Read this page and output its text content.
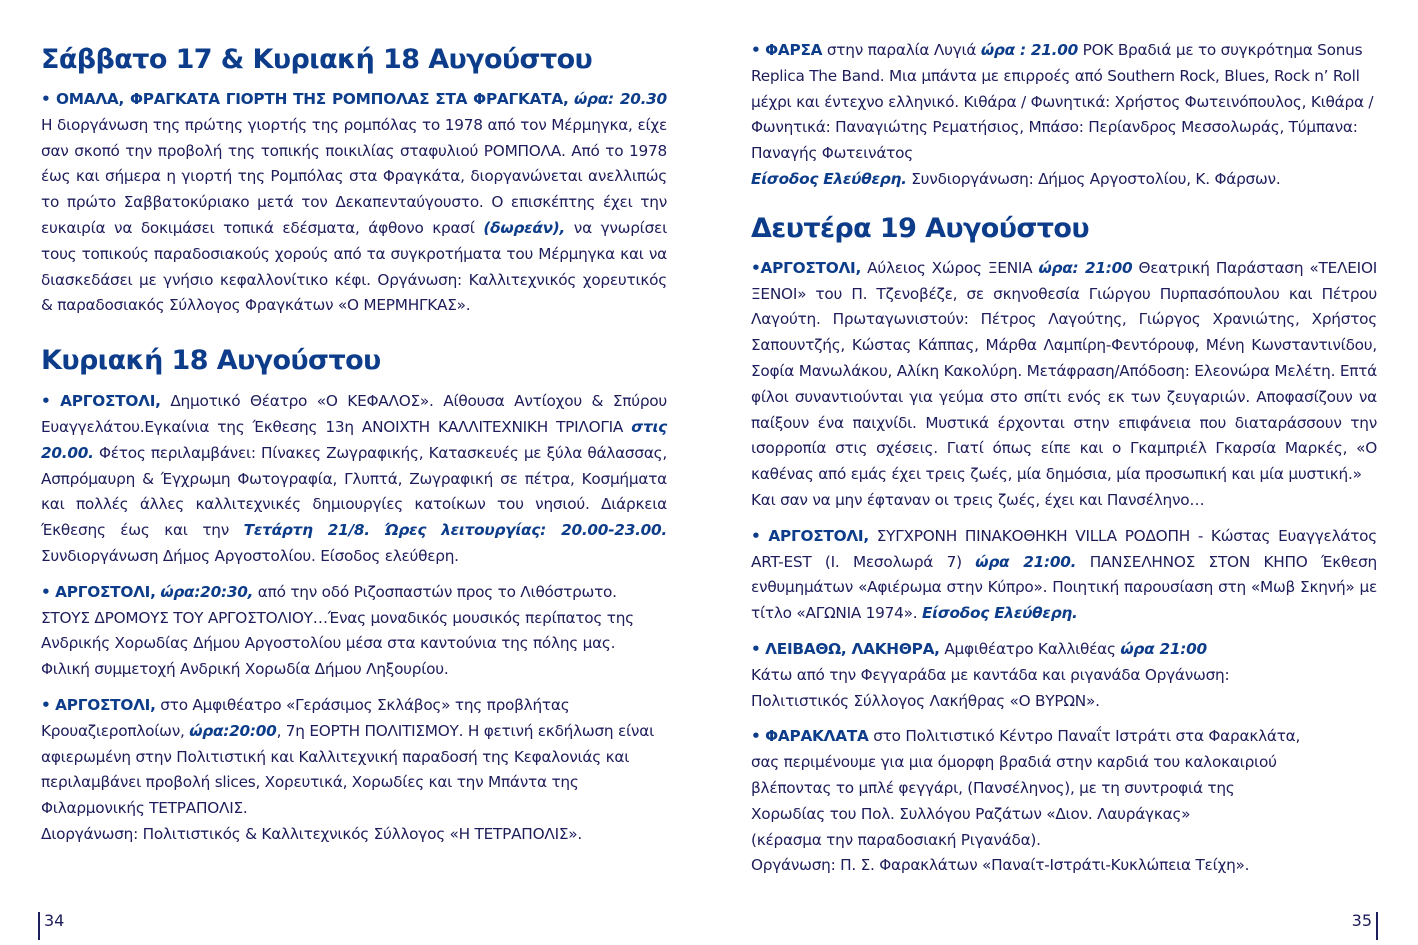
Σάββατο 17 & Κυριακή 18 Αυγούστου

• ΟΜΑΛΑ, ΦΡΑΓΚΑΤΑ ΓΙΟΡΤΗ ΤΗΣ ΡΟΜΠΟΛΑΣ ΣΤΑ ΦΡΑΓΚΑΤΑ, ώρα: 20.30 Η διοργάνωση της πρώτης γιορτής της ρομπόλας το 1978 από τον Μέρμηγκα, είχε σαν σκοπό την προβολή της τοπικής ποικιλίας σταφυλιού ΡΟΜΠΟΛΑ. Από το 1978 έως και σήμερα η γιορτή της Ρομπόλας στα Φραγκάτα, διοργανώνεται ανελλιπώς το πρώτο Σαββατοκύριακο μετά τον Δεκαπενταύγουστο. Ο επισκέπτης έχει την ευκαιρία να δοκιμάσει τοπικά εδέσματα, άφθονο κρασί (δωρεάν), να γνωρίσει τους τοπικούς παραδοσιακούς χορούς από τα συγκροτήματα του Μέρμηγκα και να διασκεδάσει με γνήσιο κεφαλλονίτικο κέφι. Οργάνωση: Καλλιτεχνικός χορευτικός & παραδοσιακός Σύλλογος Φραγκάτων «Ο ΜΕΡΜΗΓΚΑΣ».

Κυριακή 18 Αυγούστου

• ΑΡΓΟΣΤΟΛΙ, Δημοτικό Θέατρο «Ο ΚΕΦΑΛΟΣ». Αίθουσα Αντίοχου & Σπύρου Ευαγγελάτου.Εγκαίνια της Έκθεσης 13η ΑΝΟΙΧΤΗ ΚΑΛΛΙΤΕΧΝΙΚΗ ΤΡΙΛΟΓΙΑ στις 20.00. Φέτος περιλαμβάνει: Πίνακες Ζωγραφικής, Κατασκευές με ξύλα θάλασσας, Ασπρόμαυρη & Έγχρωμη Φωτογραφία, Γλυπτά, Ζωγραφική σε πέτρα, Κοσμήματα και πολλές άλλες καλλιτεχνικές δημιουργίες κατοίκων του νησιού. Διάρκεια Έκθεσης έως και την Τετάρτη 21/8. Ώρες λειτουργίας: 20.00-23.00. Συνδιοργάνωση Δήμος Αργοστολίου. Είσοδος ελεύθερη.

• ΑΡΓΟΣΤΟΛΙ, ώρα:20:30, από την οδό Ριζοσπαστών προς το Λιθόστρωτο. ΣΤΟΥΣ ΔΡΟΜΟΥΣ ΤΟΥ ΑΡΓΟΣΤΟΛΙΟΥ…Ένας μοναδικός μουσικός περίπατος της Ανδρικής Χορωδίας Δήμου Αργοστολίου μέσα στα καντούνια της πόλης μας. Φιλική συμμετοχή Ανδρική Χορωδία Δήμου Ληξουρίου.

• ΑΡΓΟΣΤΟΛΙ, στο Αμφιθέατρο «Γεράσιμος Σκλάβος» της προβλήτας Κρουαζιεροπλοίων, ώρα:20:00, 7η ΕΟΡΤΗ ΠΟΛΙΤΙΣΜΟΥ. Η φετινή εκδήλωση είναι αφιερωμένη στην Πολιτιστική και Καλλιτεχνική παραδοσή της Κεφαλονιάς και περιλαμβάνει προβολή slices, Χορευτικά, Χορωδίες και την Μπάντα της Φιλαρμονικής ΤΕΤΡΑΠΟΛΙΣ.
Διοργάνωση: Πολιτιστικός & Καλλιτεχνικός Σύλλογος «Η ΤΕΤΡΑΠΟΛΙΣ».

34

• ΦΑΡΣΑ στην παραλία Λυγιά ώρα : 21.00 ΡΟΚ Βραδιά με το συγκρότημα Sonus Replica The Band. Μια μπάντα με επιρροές από Southern Rock, Blues, Rock n’ Roll μέχρι και έντεχνο ελληνικό. Κιθάρα / Φωνητικά: Χρήστος Φωτεινόπουλος, Κιθάρα / Φωνητικά: Παναγιώτης Ρεματήσιος, Μπάσο: Περίανδρος Μεσσολωράς, Τύμπανα: Παναγής Φωτεινάτος
Είσοδος Ελεύθερη. Συνδιοργάνωση: Δήμος Αργοστολίου, Κ. Φάρσων.

Δευτέρα 19 Αυγούστου

•ΑΡΓΟΣΤΟΛΙ, Αύλειος Χώρος ΞΕΝΙΑ ώρα: 21:00 Θεατρική Παράσταση «ΤΕΛΕΙΟΙ ΞΕΝΟΙ» του Π. Τζενοβέζε, σε σκηνοθεσία Γιώργου Πυρπασόπουλου και Πέτρου Λαγούτη. Πρωταγωνιστούν: Πέτρος Λαγούτης, Γιώργος Χρανιώτης, Χρήστος Σαπουντζής, Κώστας Κάππας, Μάρθα Λαμπίρη-Φεντόρουφ, Μένη Κωνσταντινίδου, Σοφία Μανωλάκου, Αλίκη Κακολύρη. Μετάφραση/Απόδοση: Ελεονώρα Μελέτη. Επτά φίλοι συναντιούνται για γεύμα στο σπίτι ενός εκ των ζευγαριών. Αποφασίζουν να παίξουν ένα παιχνίδι. Μυστικά έρχονται στην επιφάνεια που διαταράσσουν την ισορροπία στις σχέσεις. Γιατί όπως είπε και ο Γκαμπριέλ Γκαρσία Μαρκές, «Ο καθένας από εμάς έχει τρεις ζωές, μία δημόσια, μία προσωπική και μία μυστική.»
Και σαν να μην έφταναν οι τρεις ζωές, έχει και Πανσέληνο…

• ΑΡΓΟΣΤΟΛΙ, ΣΥΓΧΡΟΝΗ ΠΙΝΑΚΟΘΗΚΗ VILLA ΡΟΔΟΠΗ - Κώστας Ευαγγελάτος ART-EST (Ι. Μεσολωρά 7) ώρα 21:00. ΠΑΝΣΕΛΗΝΟΣ ΣΤΟΝ ΚΗΠΟ Έκθεση ενθυμημάτων «Αφιέρωμα στην Κύπρο». Ποιητική παρουσίαση στη «Μωβ Σκηνή» με τίτλο «ΑΓΩΝΙΑ 1974». Είσοδος Ελεύθερη.

• ΛΕΙΒΑΘΩ, ΛΑΚΗΘΡΑ, Αμφιθέατρο Καλλιθέας ώρα 21:00
Κάτω από την Φεγγαράδα με καντάδα και ριγανάδα Οργάνωση:
Πολιτιστικός Σύλλογος Λακήθρας «Ο ΒΥΡΩΝ».

• ΦΑΡΑΚΛΑΤΑ στο Πολιτιστικό Κέντρο Παναΐτ Ιστράτι στα Φαρακλάτα,
σας περιμένουμε για μια όμορφη βραδιά στην καρδιά του καλοκαιριού
βλέποντας το μπλέ φεγγάρι, (Πανσέληνος), με τη συντροφιά της
Χορωδίας του Πολ. Συλλόγου Ραζάτων «Διον. Λαυράγκας»
(κέρασμα την παραδοσιακή Ριγανάδα).
Οργάνωση: Π. Σ. Φαρακλάτων «Παναίτ-Ιστράτι-Κυκλώπεια Τείχη».

35
